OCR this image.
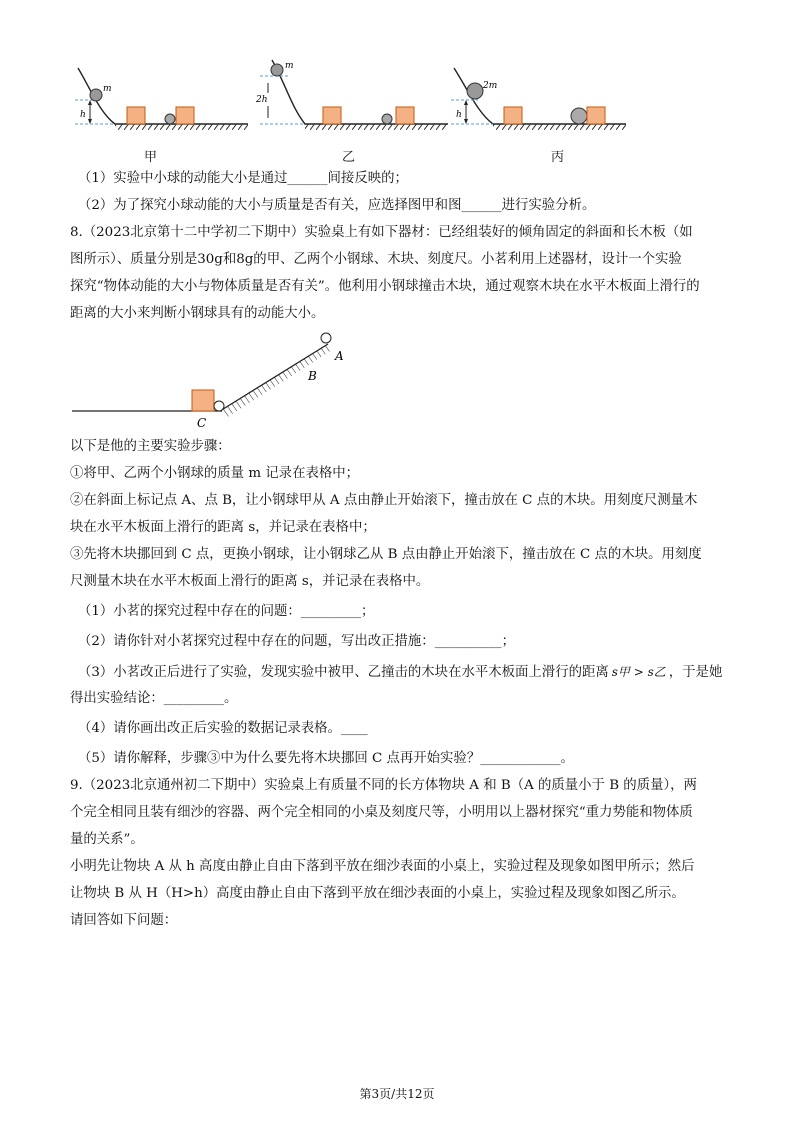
h
m
2h
m
h
2m
甲	乙	丙
（1）实验中小球的动能大小是通过______间接反映的；
（2）为了探究小球动能的大小与质量是否有关，应选择图甲和图______进行实验分析。
8.（2023北京第十二中学初二下期中）实验桌上有如下器材：已经组装好的倾角固定的斜面和长木板（如
图所示）、质量分别是30g和8g的甲、乙两个小钢球、木块、刻度尺。小茗利用上述器材，设计一个实验
探究“物体动能的大小与物体质量是否有关”。他利用小钢球撞击木块，通过观察木块在水平木板面上滑行的
距离的大小来判断小钢球具有的动能大小。
A
B
C
以下是他的主要实验步骤：
①将甲、乙两个小钢球的质量 m 记录在表格中；
②在斜面上标记点 A、点 B，让小钢球甲从 A 点由静止开始滚下，撞击放在 C 点的木块。用刻度尺测量木
块在水平木板面上滑行的距离 s，并记录在表格中；
③先将木块挪回到 C 点，更换小钢球，让小钢球乙从 B 点由静止开始滚下，撞击放在 C 点的木块。用刻度
尺测量木块在水平木板面上滑行的距离 s，并记录在表格中。
（1）小茗的探究过程中存在的问题：_________；
（2）请你针对小茗探究过程中存在的问题，写出改正措施：__________；
（3）小茗改正后进行了实验，发现实验中被甲、乙撞击的木块在水平木板面上滑行的距离 s甲 > s乙 ，于是她
得出实验结论：_________。
（4）请你画出改正后实验的数据记录表格。____
（5）请你解释，步骤③中为什么要先将木块挪回 C 点再开始实验？____________。
9.（2023北京通州初二下期中）实验桌上有质量不同的长方体物块 A 和 B（A 的质量小于 B 的质量），两
个完全相同且装有细沙的容器、两个完全相同的小桌及刻度尺等，小明用以上器材探究“重力势能和物体质
量的关系”。
小明先让物块 A 从 h 高度由静止自由下落到平放在细沙表面的小桌上，实验过程及现象如图甲所示；然后
让物块 B 从 H（H>h）高度由静止自由下落到平放在细沙表面的小桌上，实验过程及现象如图乙所示。
请回答如下问题：
第3页/共12页
